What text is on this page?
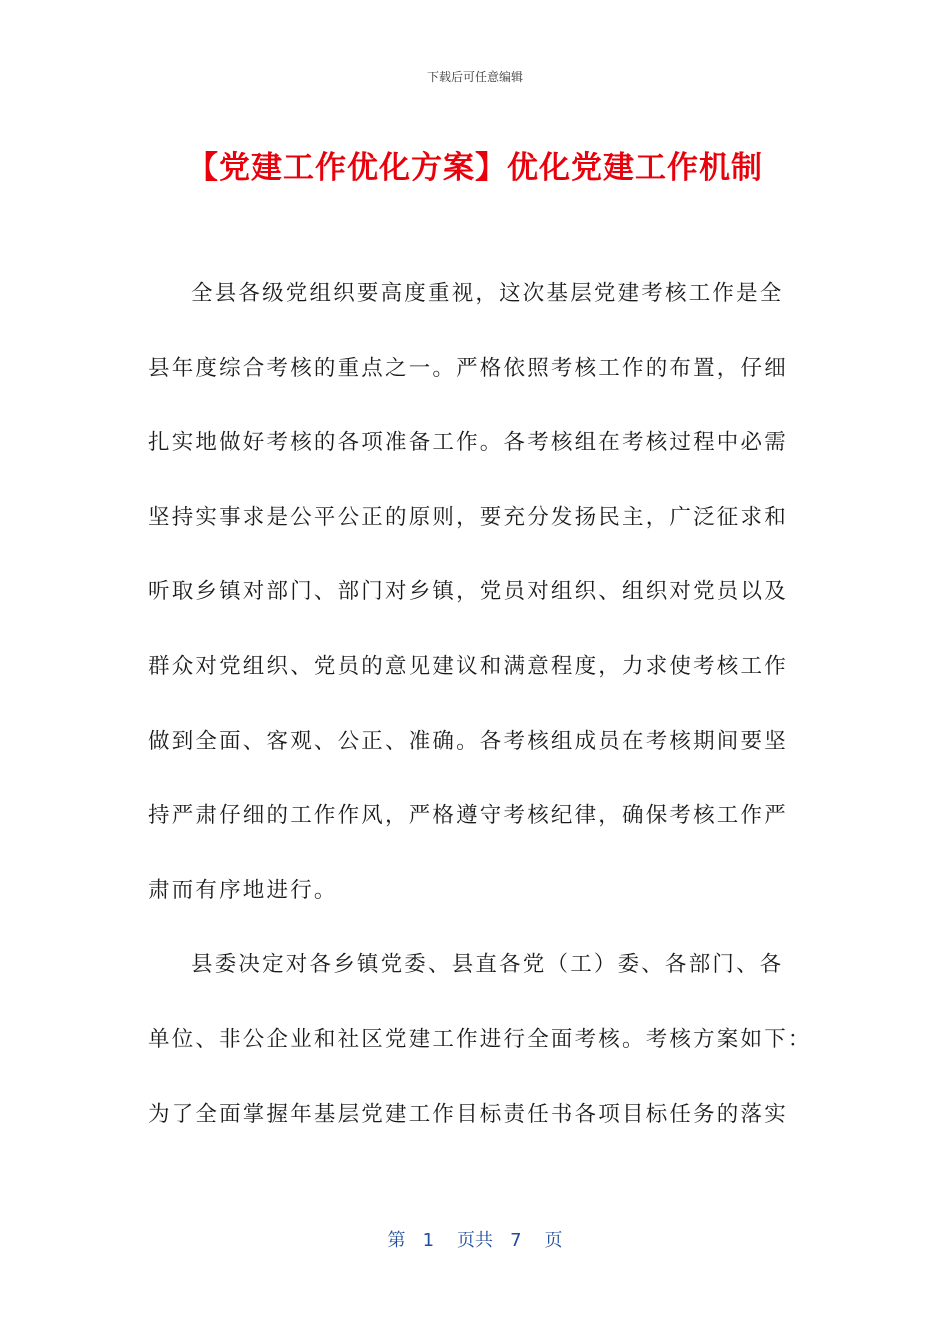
下载后可任意编辑
【党建工作优化方案】优化党建工作机制
全县各级党组织要高度重视，这次基层党建考核工作是全
县年度综合考核的重点之一。严格依照考核工作的布置，仔细
扎实地做好考核的各项准备工作。各考核组在考核过程中必需
坚持实事求是公平公正的原则，要充分发扬民主，广泛征求和
听取乡镇对部门、部门对乡镇，党员对组织、组织对党员以及
群众对党组织、党员的意见建议和满意程度，力求使考核工作
做到全面、客观、公正、准确。各考核组成员在考核期间要坚
持严肃仔细的工作作风，严格遵守考核纪律，确保考核工作严
肃而有序地进行。
县委决定对各乡镇党委、县直各党（工）委、各部门、各
单位、非公企业和社区党建工作进行全面考核。考核方案如下：
为了全面掌握年基层党建工作目标责任书各项目标任务的落实
第 1 页共 7 页
